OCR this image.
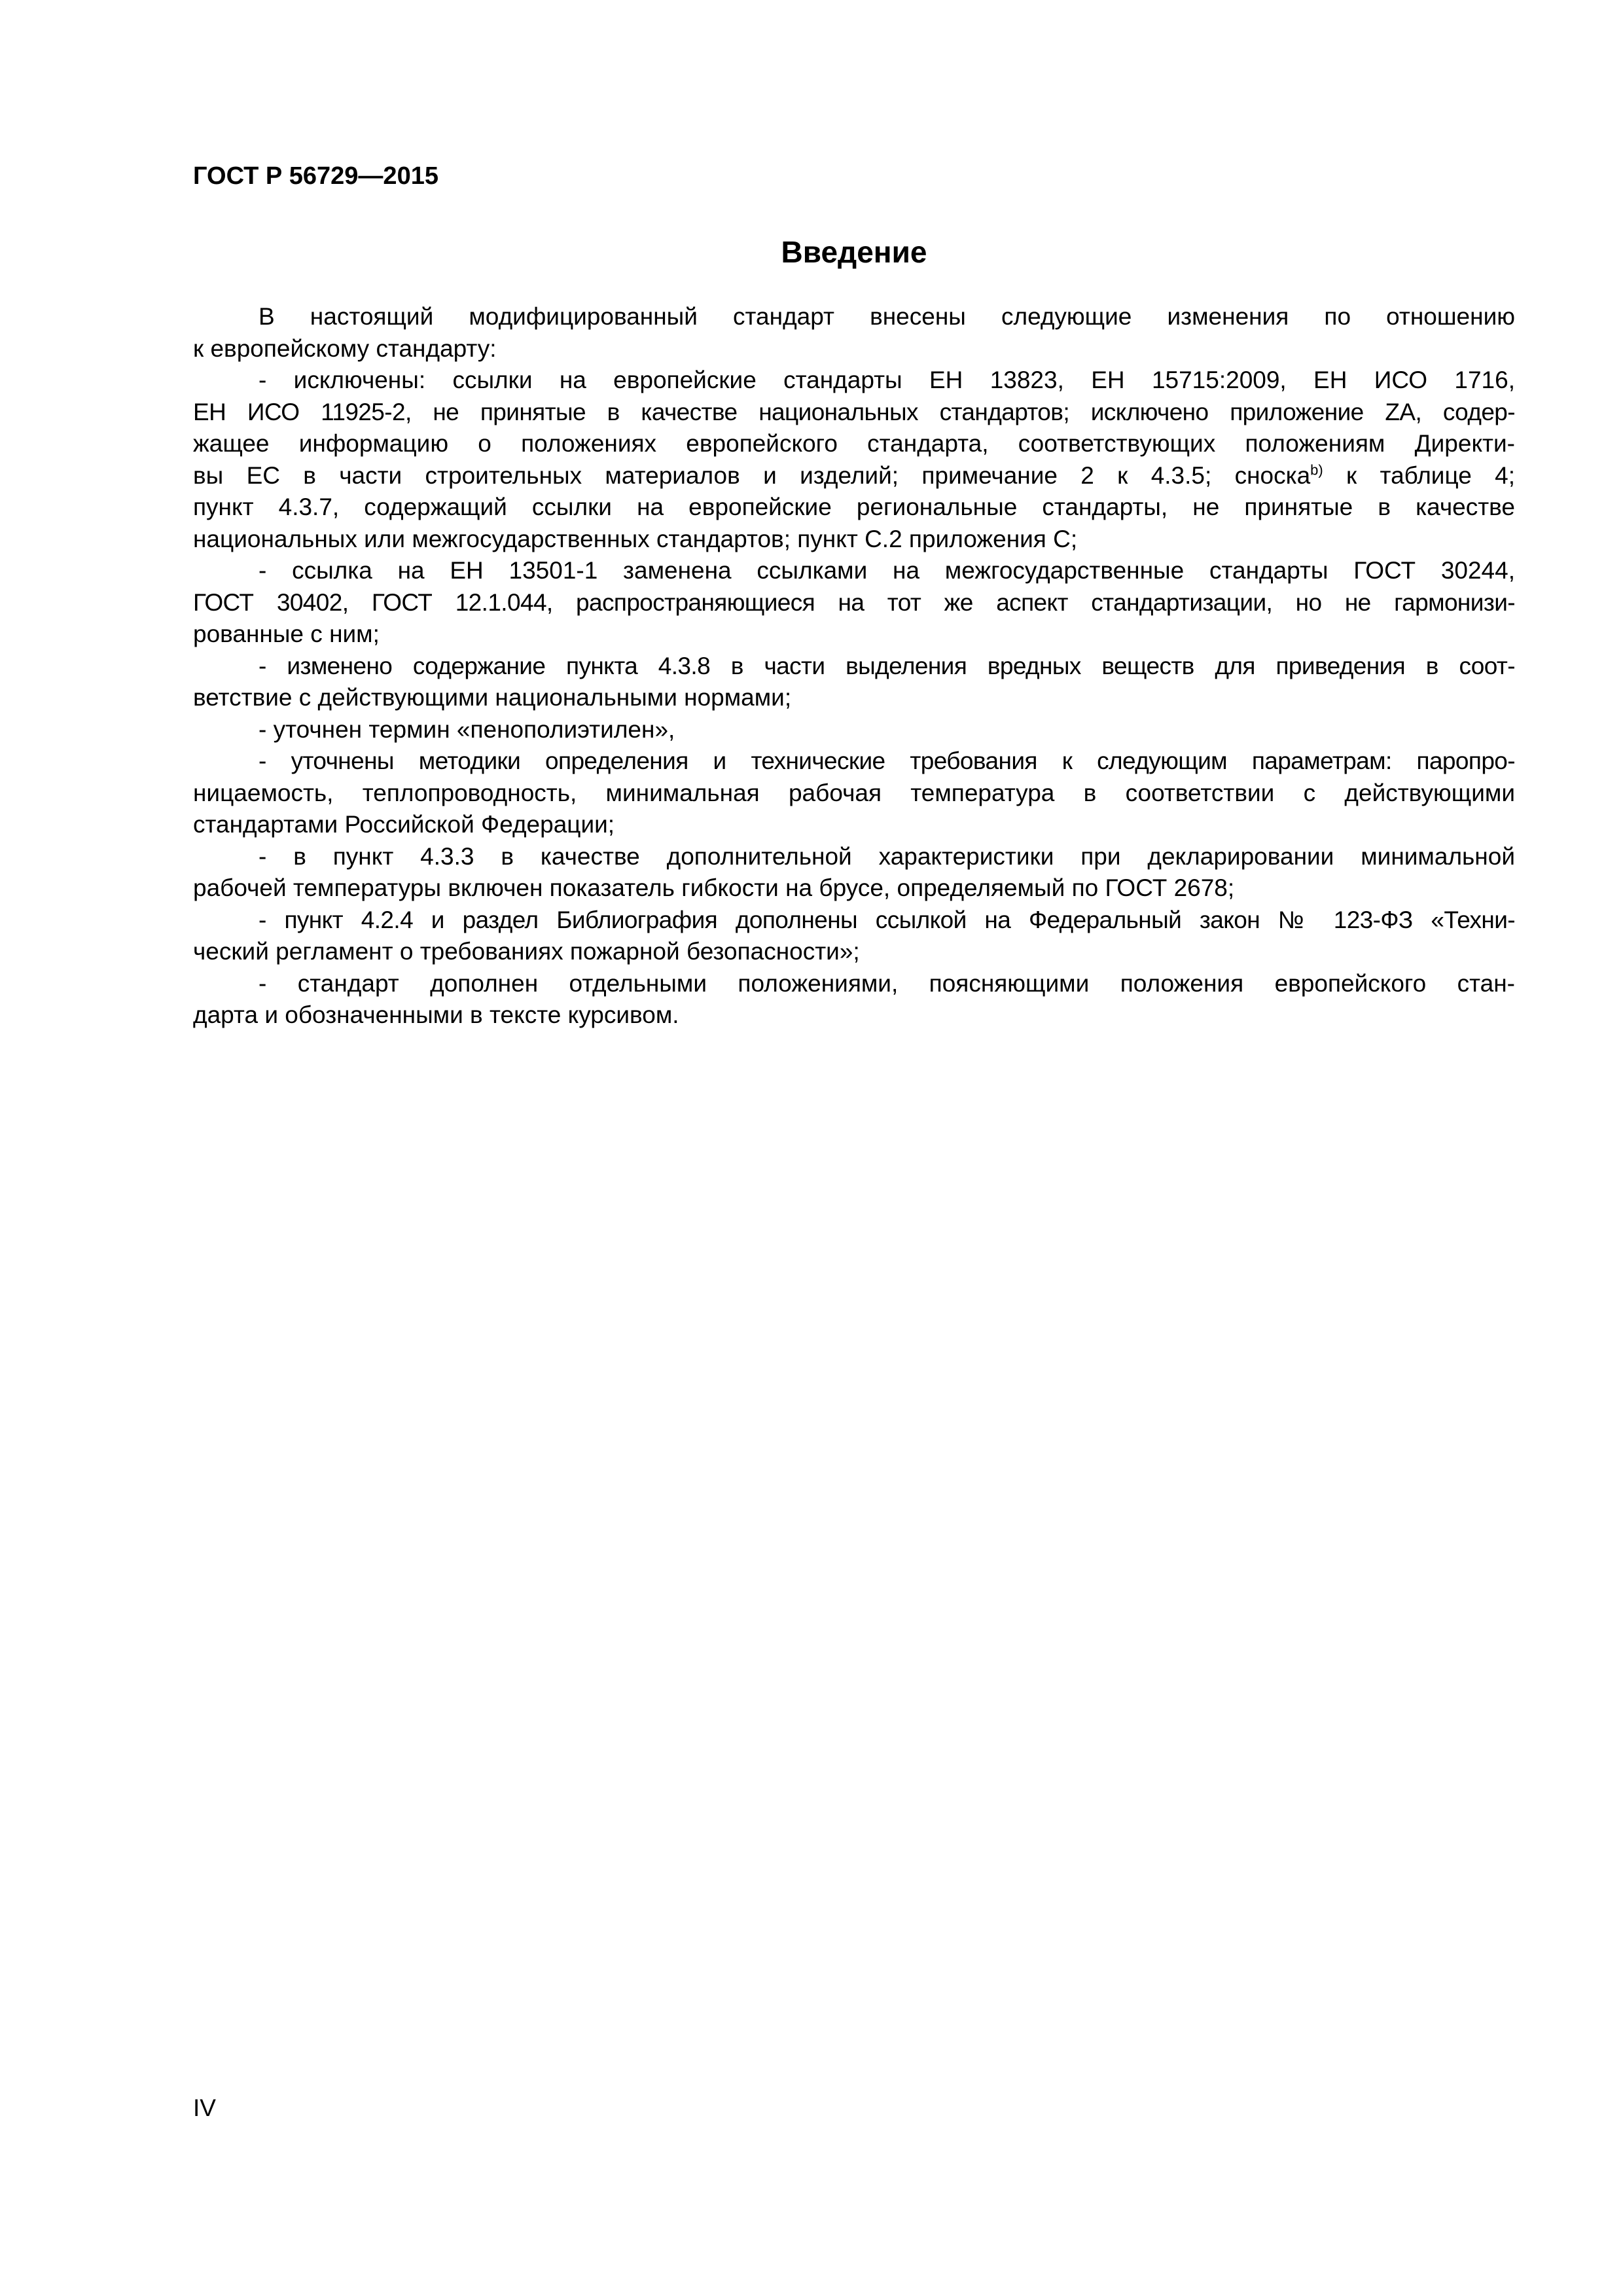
ГОСТ Р 56729—2015
Введение
В настоящий модифицированный стандарт внесены следующие изменения по отношению
к европейскому стандарту:
- исключены: ссылки на европейские стандарты ЕН 13823, ЕН 15715:2009, ЕН ИСО 1716,
ЕН ИСО 11925-2, не принятые в качестве национальных стандартов; исключено приложение ZA, содер-
жащее информацию о положениях европейского стандарта, соответствующих положениям Директи-
вы ЕС в части строительных материалов и изделий; примечание 2 к 4.3.5; сноска$^{b)}$ к таблице 4;
пункт 4.3.7, содержащий ссылки на европейские региональные стандарты, не принятые в качестве
национальных или межгосударственных стандартов; пункт С.2 приложения С;
- ссылка на ЕН 13501-1 заменена ссылками на межгосударственные стандарты ГОСТ 30244,
ГОСТ 30402, ГОСТ 12.1.044, распространяющиеся на тот же аспект стандартизации, но не гармонизи-
рованные с ним;
- изменено содержание пункта 4.3.8 в части выделения вредных веществ для приведения в соот-
ветствие с действующими национальными нормами;
- уточнен термин «пенополиэтилен»,
- уточнены методики определения и технические требования к следующим параметрам: паропро-
ницаемость, теплопроводность, минимальная рабочая температура в соответствии с действующими
стандартами Российской Федерации;
- в пункт 4.3.3 в качестве дополнительной характеристики при декларировании минимальной
рабочей температуры включен показатель гибкости на брусе, определяемый по ГОСТ 2678;
- пункт 4.2.4 и раздел Библиография дополнены ссылкой на Федеральный закон № 123-ФЗ «Техни-
ческий регламент о требованиях пожарной безопасности»;
- стандарт дополнен отдельными положениями, поясняющими положения европейского стан-
дарта и обозначенными в тексте курсивом.
IV
